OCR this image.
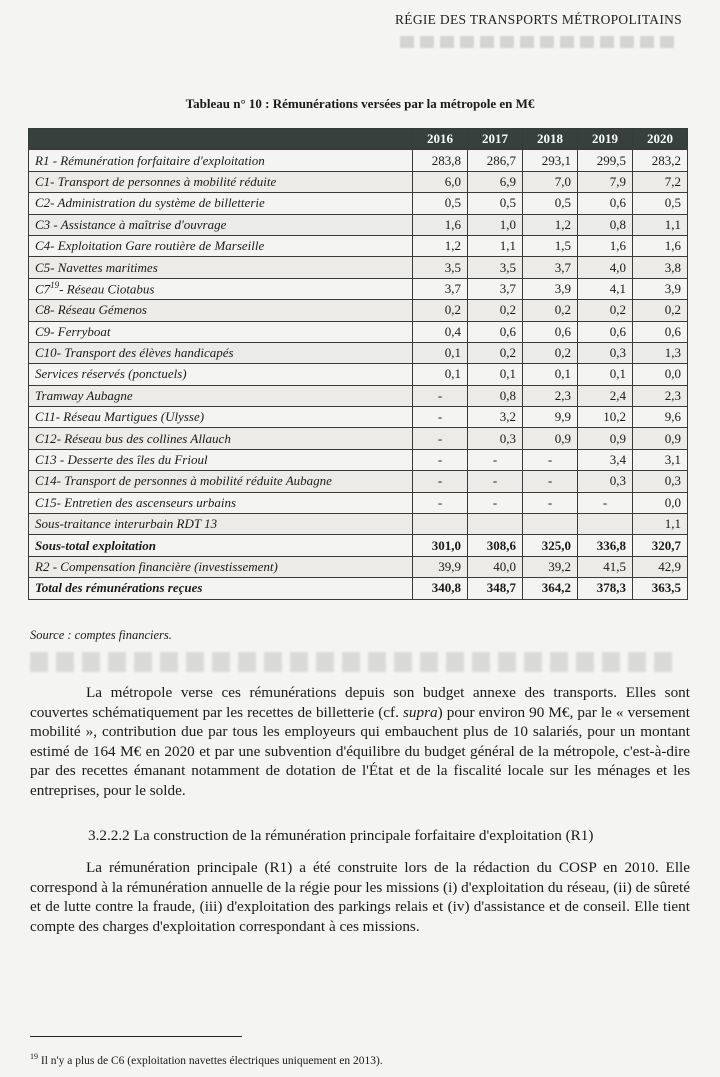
RÉGIE DES TRANSPORTS MÉTROPOLITAINS
Tableau n° 10 : Rémunérations versées par la métropole en M€
	2016	2017	2018	2019	2020
R1 - Rémunération forfaitaire d'exploitation	283,8	286,7	293,1	299,5	283,2
C1- Transport de personnes à mobilité réduite	6,0	6,9	7,0	7,9	7,2
C2- Administration du système de billetterie	0,5	0,5	0,5	0,6	0,5
C3 - Assistance à maîtrise d'ouvrage	1,6	1,0	1,2	0,8	1,1
C4- Exploitation Gare routière de Marseille	1,2	1,1	1,5	1,6	1,6
C5- Navettes maritimes	3,5	3,5	3,7	4,0	3,8
$C7^{19}-$ Réseau Ciotabus	3,7	3,7	3,9	4,1	3,9
C8- Réseau Gémenos	0,2	0,2	0,2	0,2	0,2
C9- Ferryboat	0,4	0,6	0,6	0,6	0,6
C10- Transport des élèves handicapés	0,1	0,2	0,2	0,3	1,3
Services réservés (ponctuels)	0,1	0,1	0,1	0,1	0,0
Tramway Aubagne	-	0,8	2,3	2,4	2,3
C11- Réseau Martigues (Ulysse)	-	3,2	9,9	10,2	9,6
C12- Réseau bus des collines Allauch	-	0,3	0,9	0,9	0,9
C13 - Desserte des îles du Frioul	-	-	-	3,4	3,1
C14- Transport de personnes à mobilité réduite Aubagne	-	-	-	0,3	0,3
C15- Entretien des ascenseurs urbains	-	-	-	-	0,0
Sous-traitance interurbain RDT 13					1,1
Sous-total exploitation	301,0	308,6	325,0	336,8	320,7
R2 - Compensation financière (investissement)	39,9	40,0	39,2	41,5	42,9
Total des rémunérations reçues	340,8	348,7	364,2	378,3	363,5
Source : comptes financiers.

La métropole verse ces rémunérations depuis son budget annexe des transports. Elles sont couvertes schématiquement par les recettes de billetterie (cf. supra) pour environ 90 M€, par le « versement mobilité », contribution due par tous les employeurs qui embauchent plus de 10 salariés, pour un montant estimé de 164 M€ en 2020 et par une subvention d'équilibre du budget général de la métropole, c'est-à-dire par des recettes émanant notamment de dotation de l'État et de la fiscalité locale sur les ménages et les entreprises, pour le solde.

3.2.2.2 La construction de la rémunération principale forfaitaire d'exploitation (R1)

La rémunération principale (R1) a été construite lors de la rédaction du COSP en 2010. Elle correspond à la rémunération annuelle de la régie pour les missions (i) d'exploitation du réseau, (ii) de sûreté et de lutte contre la fraude, (iii) d'exploitation des parkings relais et (iv) d'assistance et de conseil. Elle tient compte des charges d'exploitation correspondant à ces missions.

$^{19}$ Il n'y a plus de C6 (exploitation navettes électriques uniquement en 2013).
